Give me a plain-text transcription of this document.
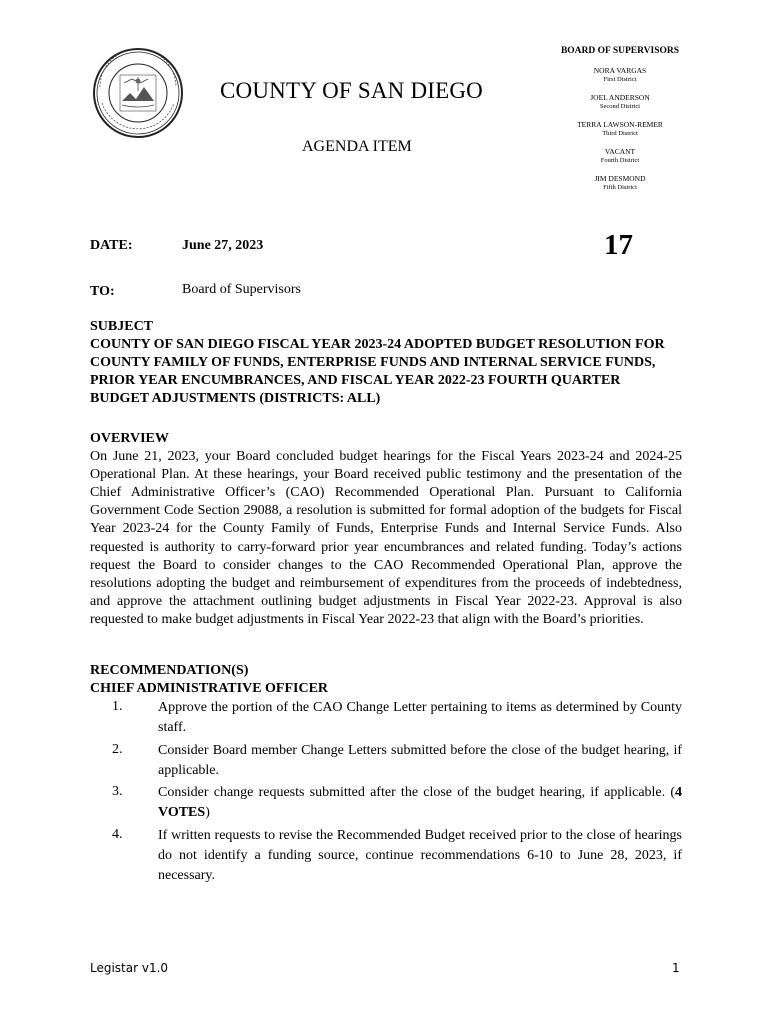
COUNTY OF SAN DIEGO
AGENDA ITEM
BOARD OF SUPERVISORS
NORA VARGAS
First District
JOEL ANDERSON
Second District
TERRA LAWSON-REMER
Third District
VACANT
Fourth District
JIM DESMOND
Fifth District
DATE:	June 27, 2023	17
TO:	Board of Supervisors
SUBJECT
COUNTY OF SAN DIEGO FISCAL YEAR 2023-24 ADOPTED BUDGET RESOLUTION FOR COUNTY FAMILY OF FUNDS, ENTERPRISE FUNDS AND INTERNAL SERVICE FUNDS, PRIOR YEAR ENCUMBRANCES, AND FISCAL YEAR 2022-23 FOURTH QUARTER BUDGET ADJUSTMENTS (DISTRICTS: ALL)
OVERVIEW
On June 21, 2023, your Board concluded budget hearings for the Fiscal Years 2023-24 and 2024-25 Operational Plan. At these hearings, your Board received public testimony and the presentation of the Chief Administrative Officer’s (CAO) Recommended Operational Plan. Pursuant to California Government Code Section 29088, a resolution is submitted for formal adoption of the budgets for Fiscal Year 2023-24 for the County Family of Funds, Enterprise Funds and Internal Service Funds. Also requested is authority to carry-forward prior year encumbrances and related funding. Today’s actions request the Board to consider changes to the CAO Recommended Operational Plan, approve the resolutions adopting the budget and reimbursement of expenditures from the proceeds of indebtedness, and approve the attachment outlining budget adjustments in Fiscal Year 2022-23. Approval is also requested to make budget adjustments in Fiscal Year 2022-23 that align with the Board’s priorities.
RECOMMENDATION(S)
CHIEF ADMINISTRATIVE OFFICER
1.	Approve the portion of the CAO Change Letter pertaining to items as determined by County staff.
2.	Consider Board member Change Letters submitted before the close of the budget hearing, if applicable.
3.	Consider change requests submitted after the close of the budget hearing, if applicable. (4 VOTES)
4.	If written requests to revise the Recommended Budget received prior to the close of hearings do not identify a funding source, continue recommendations 6-10 to June 28, 2023, if necessary.
Legistar v1.0	1
